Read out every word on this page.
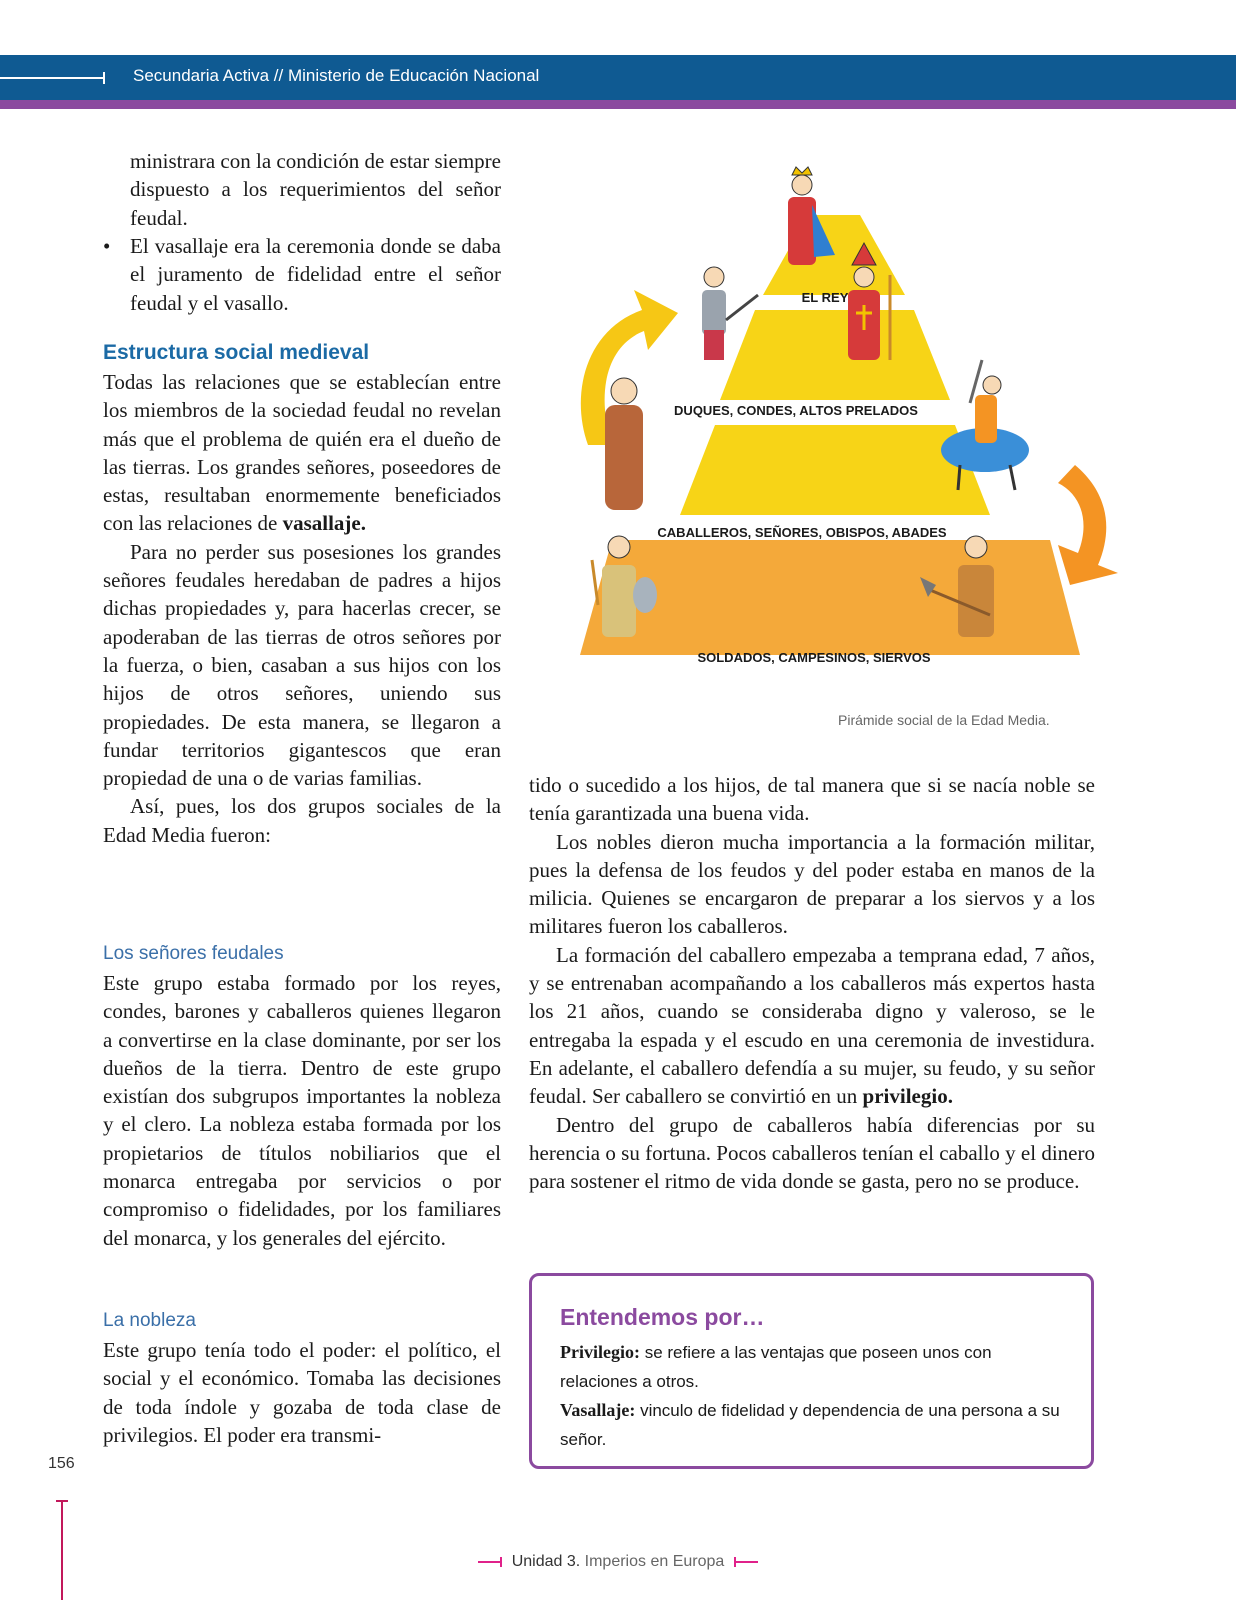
Secundaria Activa // Ministerio de Educación Nacional

ministrara con la condición de estar siempre dispuesto a los requerimientos del señor feudal.

• El vasallaje era la ceremonia donde se daba el juramento de fidelidad entre el señor feudal y el vasallo.

Estructura social medieval

Todas las relaciones que se establecían entre los miembros de la sociedad feudal no revelan más que el problema de quién era el dueño de las tierras. Los grandes señores, poseedores de estas, resultaban enormemente beneficiados con las relaciones de vasallaje.

Para no perder sus posesiones los grandes señores feudales heredaban de padres a hijos dichas propiedades y, para hacerlas crecer, se apoderaban de las tierras de otros señores por la fuerza, o bien, casaban a sus hijos con los hijos de otros señores, uniendo sus propiedades. De esta manera, se llegaron a fundar territorios gigantescos que eran propiedad de una o de varias familias.

Así, pues, los dos grupos sociales de la Edad Media fueron:

Los señores feudales

Este grupo estaba formado por los reyes, condes, barones y caballeros quienes llegaron a convertirse en la clase dominante, por ser los dueños de la tierra. Dentro de este grupo existían dos subgrupos importantes la nobleza y el clero. La nobleza estaba formada por los propietarios de títulos nobiliarios que el monarca entregaba por servicios o por compromiso o fidelidades, por los familiares del monarca, y los generales del ejército.

La nobleza

Este grupo tenía todo el poder: el político, el social y el económico. Tomaba las decisiones de toda índole y gozaba de toda clase de privilegios. El poder era transmi-

EL REY
DUQUES, CONDES, ALTOS PRELADOS
CABALLEROS, SEÑORES, OBISPOS, ABADES
SOLDADOS, CAMPESINOS, SIERVOS
Pirámide social de la Edad Media.

tido o sucedido a los hijos, de tal manera que si se nacía noble se tenía garantizada una buena vida.

Los nobles dieron mucha importancia a la formación militar, pues la defensa de los feudos y del poder estaba en manos de la milicia. Quienes se encargaron de preparar a los siervos y a los militares fueron los caballeros.

La formación del caballero empezaba a temprana edad, 7 años, y se entrenaban acompañando a los caballeros más expertos hasta los 21 años, cuando se consideraba digno y valeroso, se le entregaba la espada y el escudo en una ceremonia de investidura. En adelante, el caballero defendía a su mujer, su feudo, y su señor feudal. Ser caballero se convirtió en un privilegio.

Dentro del grupo de caballeros había diferencias por su herencia o su fortuna. Pocos caballeros tenían el caballo y el dinero para sostener el ritmo de vida donde se gasta, pero no se produce.

Entendemos por…
Privilegio: se refiere a las ventajas que poseen unos con relaciones a otros.
Vasallaje: vinculo de fidelidad y dependencia de una persona a su señor.
156
Unidad 3. Imperios en Europa
